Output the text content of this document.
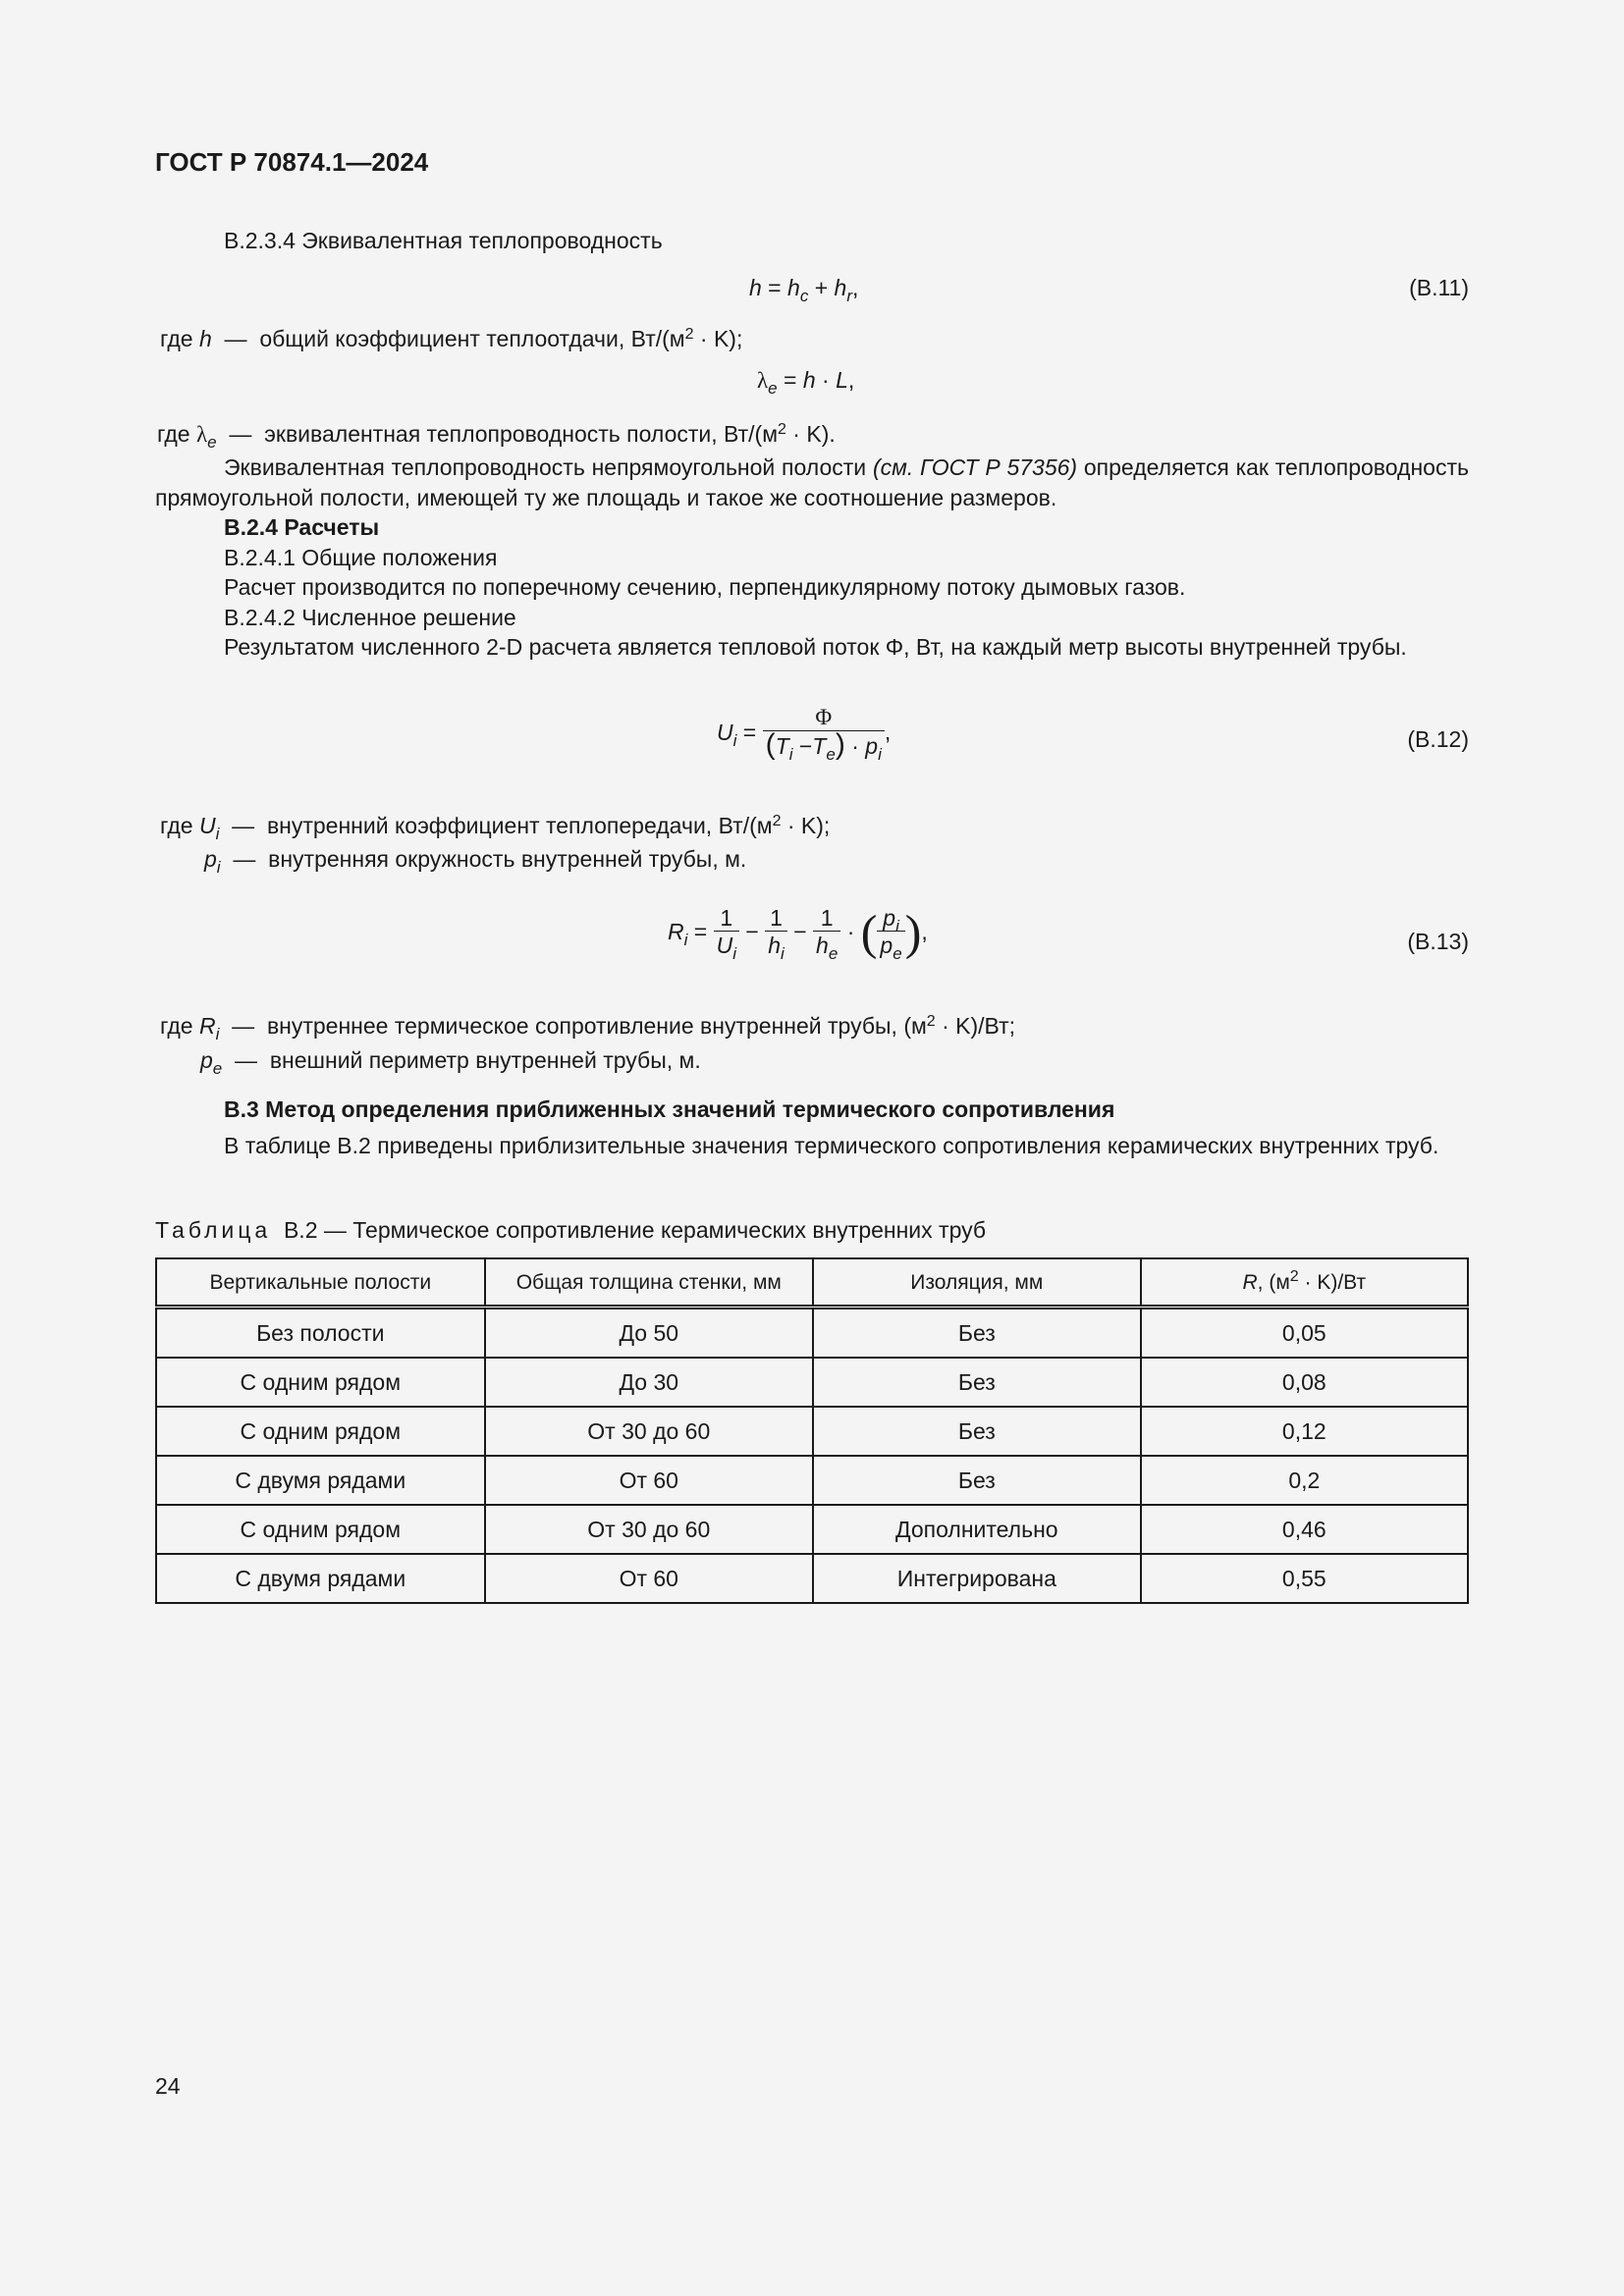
ГОСТ Р 70874.1—2024
В.2.3.4 Эквивалентная теплопроводность
$h = h_c + h_r$,	(В.11)
где h  —  общий коэффициент теплоотдачи, $Вт/(м^2 \cdot K)$;
$\lambda_e = h \cdot L$,
где $\lambda_e$  —  эквивалентная теплопроводность полости, $Вт/(м^2 \cdot K)$.
Эквивалентная теплопроводность непрямоугольной полости (см. ГОСТ Р 57356) определяется как теплопроводность прямоугольной полости, имеющей ту же площадь и такое же соотношение размеров.
В.2.4 Расчеты
В.2.4.1 Общие положения
Расчет производится по поперечному сечению, перпендикулярному потоку дымовых газов.
В.2.4.2 Численное решение
Результатом численного 2-D расчета является тепловой поток Φ, Вт, на каждый метр высоты внутренней трубы.
$U_i = \frac{\Phi}{(T_i -T_e) \cdot p_i}$ ,	(В.12)
где $U_i$  —  внутренний коэффициент теплопередачи, $Вт/(м^2 \cdot K)$;
$p_i$  —  внутренняя окружность внутренней трубы, м.
$R_i = \frac{1}{U_i} - \frac{1}{h_i} - \frac{1}{h_e}$ · ( $\frac{p_i}{p_e}$ ),	(В.13)
где $R_i$  —  внутреннее термическое сопротивление внутренней трубы, $(м^2 \cdot K)/Вт$;
$p_e$  —  внешний периметр внутренней трубы, м.
В.3 Метод определения приближенных значений термического сопротивления
В таблице В.2 приведены приблизительные значения термического сопротивления керамических внутренних труб.
Таблица В.2 — Термическое сопротивление керамических внутренних труб
Вертикальные полости	Общая толщина стенки, мм	Изоляция, мм	R, $(м^2 \cdot K)/Вт$
Без полости	До 50	Без	0,05
С одним рядом	До 30	Без	0,08
С одним рядом	От 30 до 60	Без	0,12
С двумя рядами	От 60	Без	0,2
С одним рядом	От 30 до 60	Дополнительно	0,46
С двумя рядами	От 60	Интегрирована	0,55
24
